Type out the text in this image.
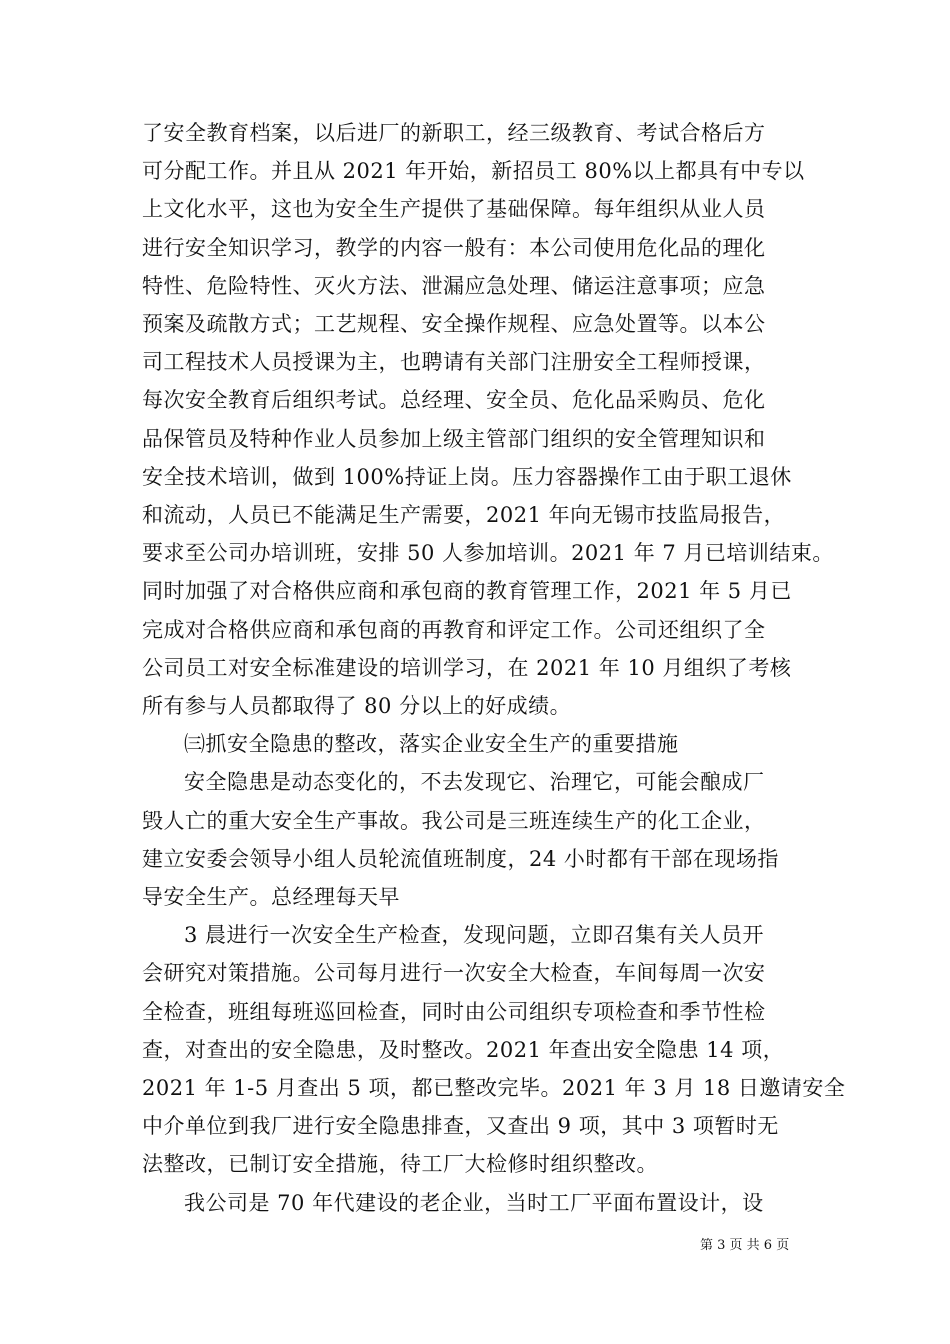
了安全教育档案，以后进厂的新职工，经三级教育、考试合格后方
可分配工作。并且从 2021 年开始，新招员工 80%以上都具有中专以
上文化水平，这也为安全生产提供了基础保障。每年组织从业人员
进行安全知识学习，教学的内容一般有：本公司使用危化品的理化
特性、危险特性、灭火方法、泄漏应急处理、储运注意事项；应急
预案及疏散方式；工艺规程、安全操作规程、应急处置等。以本公
司工程技术人员授课为主，也聘请有关部门注册安全工程师授课，
每次安全教育后组织考试。总经理、安全员、危化品采购员、危化
品保管员及特种作业人员参加上级主管部门组织的安全管理知识和
安全技术培训，做到 100%持证上岗。压力容器操作工由于职工退休
和流动，人员已不能满足生产需要，2021 年向无锡市技监局报告，
要求至公司办培训班，安排 50 人参加培训。2021 年 7 月已培训结束。
同时加强了对合格供应商和承包商的教育管理工作，2021 年 5 月已
完成对合格供应商和承包商的再教育和评定工作。公司还组织了全
公司员工对安全标准建设的培训学习，在 2021 年 10 月组织了考核
所有参与人员都取得了 80 分以上的好成绩。
㈢抓安全隐患的整改，落实企业安全生产的重要措施
安全隐患是动态变化的，不去发现它、治理它，可能会酿成厂
毁人亡的重大安全生产事故。我公司是三班连续生产的化工企业，
建立安委会领导小组人员轮流值班制度，24 小时都有干部在现场指
导安全生产。总经理每天早
3 晨进行一次安全生产检查，发现问题，立即召集有关人员开
会研究对策措施。公司每月进行一次安全大检查，车间每周一次安
全检查，班组每班巡回检查，同时由公司组织专项检查和季节性检
查，对查出的安全隐患，及时整改。2021 年查出安全隐患 14 项，
2021 年 1-5 月查出 5 项，都已整改完毕。2021 年 3 月 18 日邀请安全
中介单位到我厂进行安全隐患排查，又查出 9 项，其中 3 项暂时无
法整改，已制订安全措施，待工厂大检修时组织整改。
我公司是 70 年代建设的老企业，当时工厂平面布置设计，设
第 3 页 共 6 页
